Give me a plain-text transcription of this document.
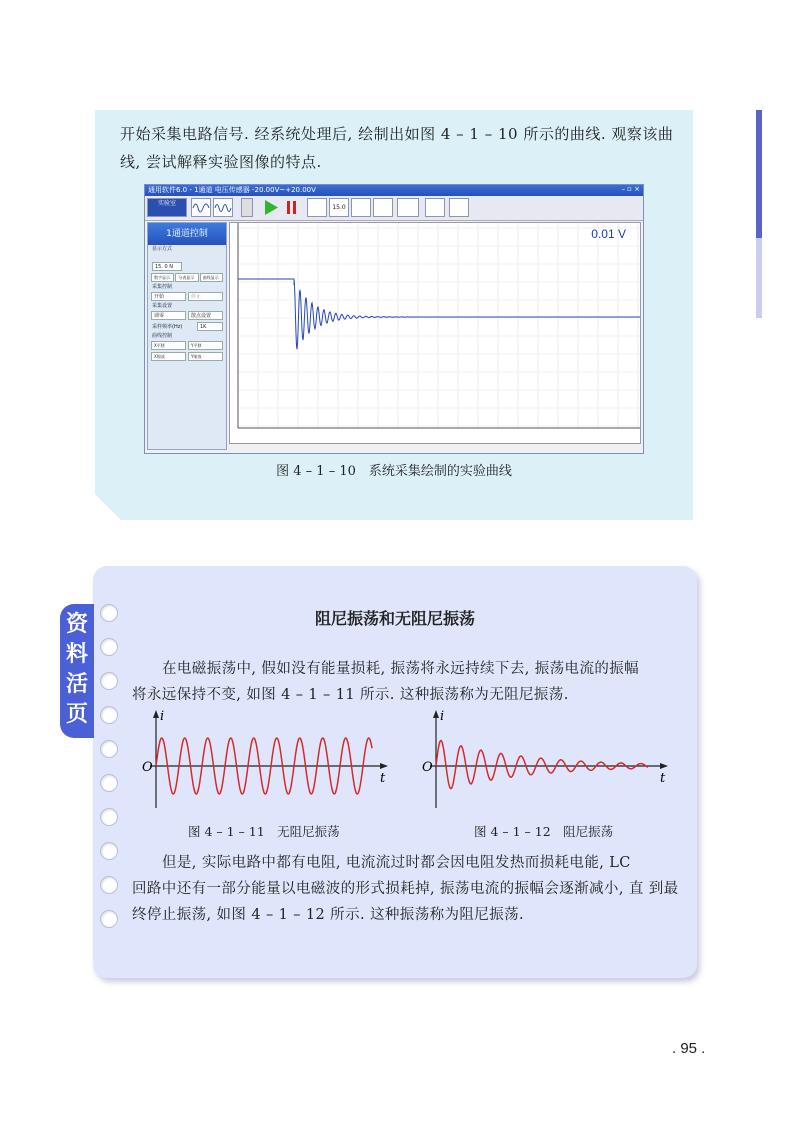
开始采集电路信号. 经系统处理后, 绘制出如图 4 – 1 – 10 所示的曲线. 观察该曲
线, 尝试解释实验图像的特点.
通用软件6.0 - 1通道 电压传感器 -20.00V~+20.00V	– ▫ ×
实验室
15.0
1通道控制
显示方式
15. 0 N
数字显示	分表显示	曲线显示
采集控制
开始	停止
采集设置
调零	散点设置
采样频率(Hz)	1K
曲线控制
X平移	Y平移
X缩放	Y缩放
0.01 V
图 4 – 1 – 10　系统采集绘制的实验曲线
资
料
活
页
阻尼振荡和无阻尼振荡
在电磁振荡中, 假如没有能量损耗, 振荡将永远持续下去, 振荡电流的振幅
将永远保持不变, 如图 4 – 1 – 11 所示. 这种振荡称为无阻尼振荡.
i
t
O
i
t
O
图 4 – 1 – 11　无阻尼振荡	图 4 – 1 – 12　阻尼振荡
但是, 实际电路中都有电阻, 电流流过时都会因电阻发热而损耗电能, LC
回路中还有一部分能量以电磁波的形式损耗掉, 振荡电流的振幅会逐渐减小, 直 到最终停止振荡, 如图 4 – 1 – 12 所示. 这种振荡称为阻尼振荡.
. 95 .
